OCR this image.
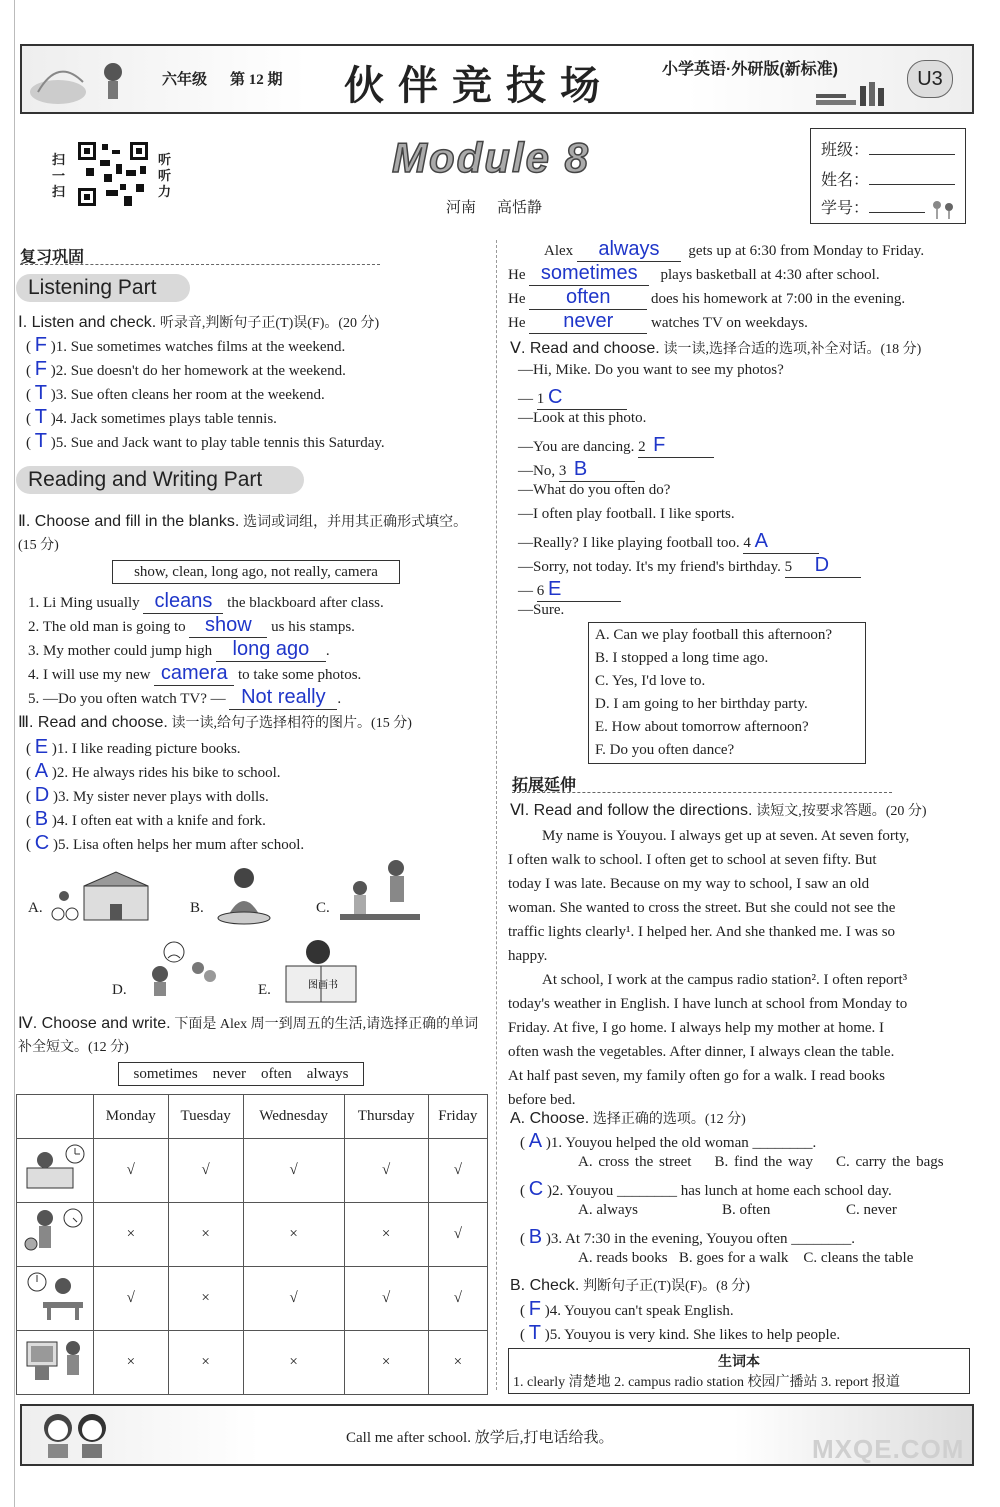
六年级 第 12 期 伙伴竞技场	小学英语·外研版(新标准)	U3
扫一扫
听听力
Module 8
河南 高恬静
班级：
姓名：
学号：
复习巩固
Listening Part
Ⅰ. Listen and check. 听录音,判断句子正(T)误(F)。(20 分)
( F )1. Sue sometimes watches films at the weekend.
( F )2. Sue doesn't do her homework at the weekend.
( T )3. Sue often cleans her room at the weekend.
( T )4. Jack sometimes plays table tennis.
( T )5. Sue and Jack want to play table tennis this Saturday.
Reading and Writing Part
Ⅱ. Choose and fill in the blanks. 选词或词组，并用其正确形式填空。(15 分)
show, clean, long ago, not really, camera
1. Li Ming usually cleans the blackboard after class.
2. The old man is going to show us his stamps.
3. My mother could jump high long ago .
4. I will use my new camera to take some photos.
5. —Do you often watch TV? — Not really .
Ⅲ. Read and choose. 读一读,给句子选择相符的图片。(15 分)
( E )1. I like reading picture books.
( A )2. He always rides his bike to school.
( D )3. My sister never plays with dolls.
( B )4. I often eat with a knife and fork.
( C )5. Lisa often helps her mum after school.
A.	B.	C.
D.	E.	图画书
Ⅳ. Choose and write. 下面是 Alex 周一到周五的生活,请选择正确的单词补全短文。(12 分)
sometimes    never    often    always
	Monday	Tuesday	Wednesday	Thursday	Friday
	√	√	√	√	√
	×	×	×	×	√
	√	×	√	√	√
	×	×	×	×	×
Alex always gets up at 6:30 from Monday to Friday.
He sometimes plays basketball at 4:30 after school.
He often	does his homework at 7:00 in the evening.
He never	watches TV on weekdays.
Ⅴ. Read and choose. 读一读,选择合适的选项,补全对话。(18 分)
—Hi, Mike. Do you want to see my photos?
— 1 C
—Look at this photo.
—You are dancing. 2 F
—No, 3 B
—What do you often do?
—I often play football. I like sports.
—Really? I like playing football too. 4 A
—Sorry, not today. It's my friend's birthday. 5 D
— 6 E
—Sure.
A. Can we play football this afternoon?
B. I stopped a long time ago.
C. Yes, I'd love to.
D. I am going to her birthday party.
E. How about tomorrow afternoon?
F. Do you often dance?
拓展延伸
Ⅵ. Read and follow the directions. 读短文,按要求答题。(20 分)
My name is Youyou. I always get up at seven. At seven forty,
I often walk to school. I often get to school at seven fifty. But
today I was late. Because on my way to school, I saw an old
woman. She wanted to cross the street. But she could not see the
traffic lights clearly¹. I helped her. And she thanked me. I was so
happy.
At school, I work at the campus radio station². I often report³
today's weather in English. I have lunch at school from Monday to
Friday. At five, I go home. I always help my mother at home. I
often wash the vegetables. After dinner, I always clean the table.
At half past seven, my family often go for a walk. I read books
before bed.
A. Choose. 选择正确的选项。(12 分)
( A )1. Youyou helped the old woman ________.
A. cross the street B. find the way C. carry the bags
( C )2. Youyou ________ has lunch at home each school day.
A. always	B. often	C. never
( B )3. At 7:30 in the evening, Youyou often ________.
A. reads books B. goes for a walk C. cleans the table
B. Check. 判断句子正(T)误(F)。(8 分)
( F )4. Youyou can't speak English.
( T )5. Youyou is very kind. She likes to help people.
生词本
1. clearly 清楚地 2. campus radio station 校园广播站 3. report 报道
Call me after school. 放学后,打电话给我。	MXQE.COM
